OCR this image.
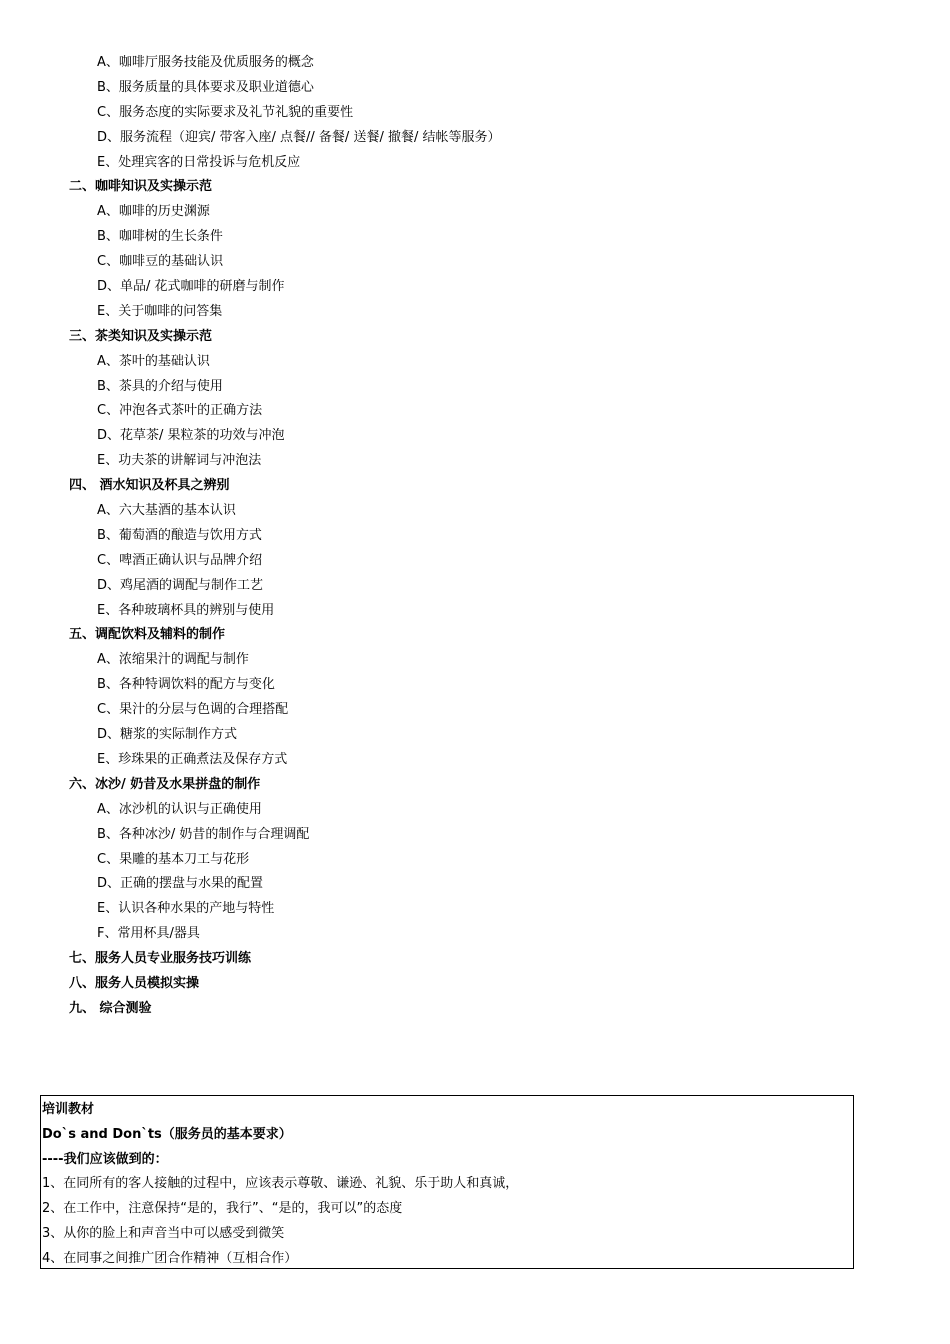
A、咖啡厅服务技能及优质服务的概念
B、服务质量的具体要求及职业道德心
C、服务态度的实际要求及礼节礼貌的重要性
D、服务流程（迎宾/ 带客入座/ 点餐// 备餐/ 送餐/ 撤餐/ 结帐等服务）
E、处理宾客的日常投诉与危机反应
二、咖啡知识及实操示范
A、咖啡的历史渊源
B、咖啡树的生长条件
C、咖啡豆的基础认识
D、单品/ 花式咖啡的研磨与制作
E、关于咖啡的问答集
三、茶类知识及实操示范
A、茶叶的基础认识
B、茶具的介绍与使用
C、冲泡各式茶叶的正确方法
D、花草茶/ 果粒茶的功效与冲泡
E、功夫茶的讲解词与冲泡法
四、 酒水知识及杯具之辨别
A、六大基酒的基本认识
B、葡萄酒的酿造与饮用方式
C、啤酒正确认识与品牌介绍
D、鸡尾酒的调配与制作工艺
E、各种玻璃杯具的辨别与使用
五、调配饮料及辅料的制作
A、浓缩果汁的调配与制作
B、各种特调饮料的配方与变化
C、果汁的分层与色调的合理搭配
D、糖浆的实际制作方式
E、珍珠果的正确煮法及保存方式
六、冰沙/ 奶昔及水果拼盘的制作
A、冰沙机的认识与正确使用
B、各种冰沙/ 奶昔的制作与合理调配
C、果雕的基本刀工与花形
D、正确的摆盘与水果的配置
E、认识各种水果的产地与特性
F、常用杯具/器具
七、服务人员专业服务技巧训练
八、服务人员模拟实操
九、 综合测验
培训教材
Do`s and Don`ts（服务员的基本要求）
----我们应该做到的：
1、在同所有的客人接触的过程中，应该表示尊敬、谦逊、礼貌、乐于助人和真诚，
2、在工作中，注意保持“是的，我行”、“是的，我可以”的态度
3、从你的脸上和声音当中可以感受到微笑
4、在同事之间推广团合作精神（互相合作）
